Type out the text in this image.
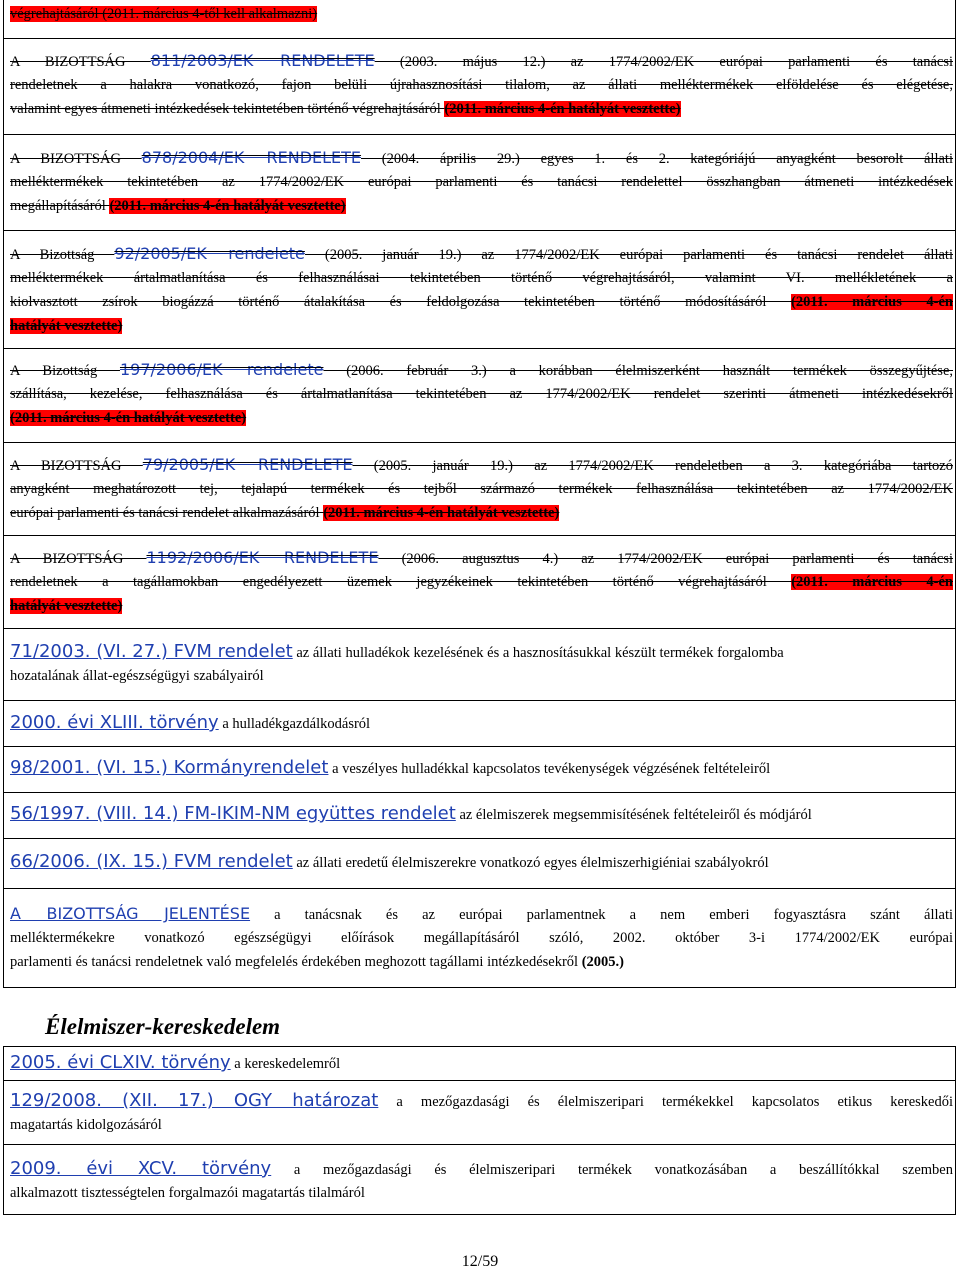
végrehajtásáról (2011. március 4-től kell alkalmazni)
A BIZOTTSÁG 811/2003/EK RENDELETE (2003. május 12.) az 1774/2002/EK európai parlamenti és tanácsi
rendeletnek a halakra vonatkozó, fajon belüli újrahasznosítási tilalom, az állati melléktermékek elföldelése és elégetése,
valamint egyes átmeneti intézkedések tekintetében történő végrehajtásáról (2011. március 4-én hatályát vesztette)
A BIZOTTSÁG 878/2004/EK RENDELETE (2004. április 29.) egyes 1. és 2. kategóriájú anyagként besorolt állati
melléktermékek tekintetében az 1774/2002/EK európai parlamenti és tanácsi rendelettel összhangban átmeneti intézkedések
megállapításáról (2011. március 4-én hatályát vesztette)
A Bizottság 92/2005/EK rendelete (2005. január 19.) az 1774/2002/EK európai parlamenti és tanácsi rendelet állati
melléktermékek ártalmatlanítása és felhasználásai tekintetében történő végrehajtásáról, valamint VI. mellékletének a
kiolvasztott zsírok biogázzá történő átalakítása és feldolgozása tekintetében történő módosításáról (2011. március 4-én
hatályát vesztette)
A Bizottság 197/2006/EK rendelete (2006. február 3.) a korábban élelmiszerként használt termékek összegyűjtése,
szállítása, kezelése, felhasználása és ártalmatlanítása tekintetében az 1774/2002/EK rendelet szerinti átmeneti intézkedésekről
(2011. március 4-én hatályát vesztette)
A BIZOTTSÁG 79/2005/EK RENDELETE (2005. január 19.) az 1774/2002/EK rendeletben a 3. kategóriába tartozó
anyagként meghatározott tej, tejalapú termékek és tejből származó termékek felhasználása tekintetében az 1774/2002/EK
európai parlamenti és tanácsi rendelet alkalmazásáról (2011. március 4-én hatályát vesztette)
A BIZOTTSÁG 1192/2006/EK RENDELETE (2006. augusztus 4.) az 1774/2002/EK európai parlamenti és tanácsi
rendeletnek a tagállamokban engedélyezett üzemek jegyzékeinek tekintetében történő végrehajtásáról (2011. március 4-én
hatályát vesztette)
71/2003. (VI. 27.) FVM rendelet az állati hulladékok kezelésének és a hasznosításukkal készült termékek forgalomba
hozatalának állat-egészségügyi szabályairól
2000. évi XLIII. törvény a hulladékgazdálkodásról
98/2001. (VI. 15.) Kormányrendelet a veszélyes hulladékkal kapcsolatos tevékenységek végzésének feltételeiről
56/1997. (VIII. 14.) FM-IKIM-NM együttes rendelet az élelmiszerek megsemmisítésének feltételeiről és módjáról
66/2006. (IX. 15.) FVM rendelet az állati eredetű élelmiszerekre vonatkozó egyes élelmiszerhigiéniai szabályokról
A BIZOTTSÁG JELENTÉSE a tanácsnak és az európai parlamentnek a nem emberi fogyasztásra szánt állati
melléktermékekre vonatkozó egészségügyi előírások megállapításáról szóló, 2002. október 3-i 1774/2002/EK európai
parlamenti és tanácsi rendeletnek való megfelelés érdekében meghozott tagállami intézkedésekről (2005.)
Élelmiszer-kereskedelem
2005. évi CLXIV. törvény a kereskedelemről
129/2008. (XII. 17.) OGY határozat a mezőgazdasági és élelmiszeripari termékekkel kapcsolatos etikus kereskedői
magatartás kidolgozásáról
2009. évi XCV. törvény a mezőgazdasági és élelmiszeripari termékek vonatkozásában a beszállítókkal szemben
alkalmazott tisztességtelen forgalmazói magatartás tilalmáról
12/59
